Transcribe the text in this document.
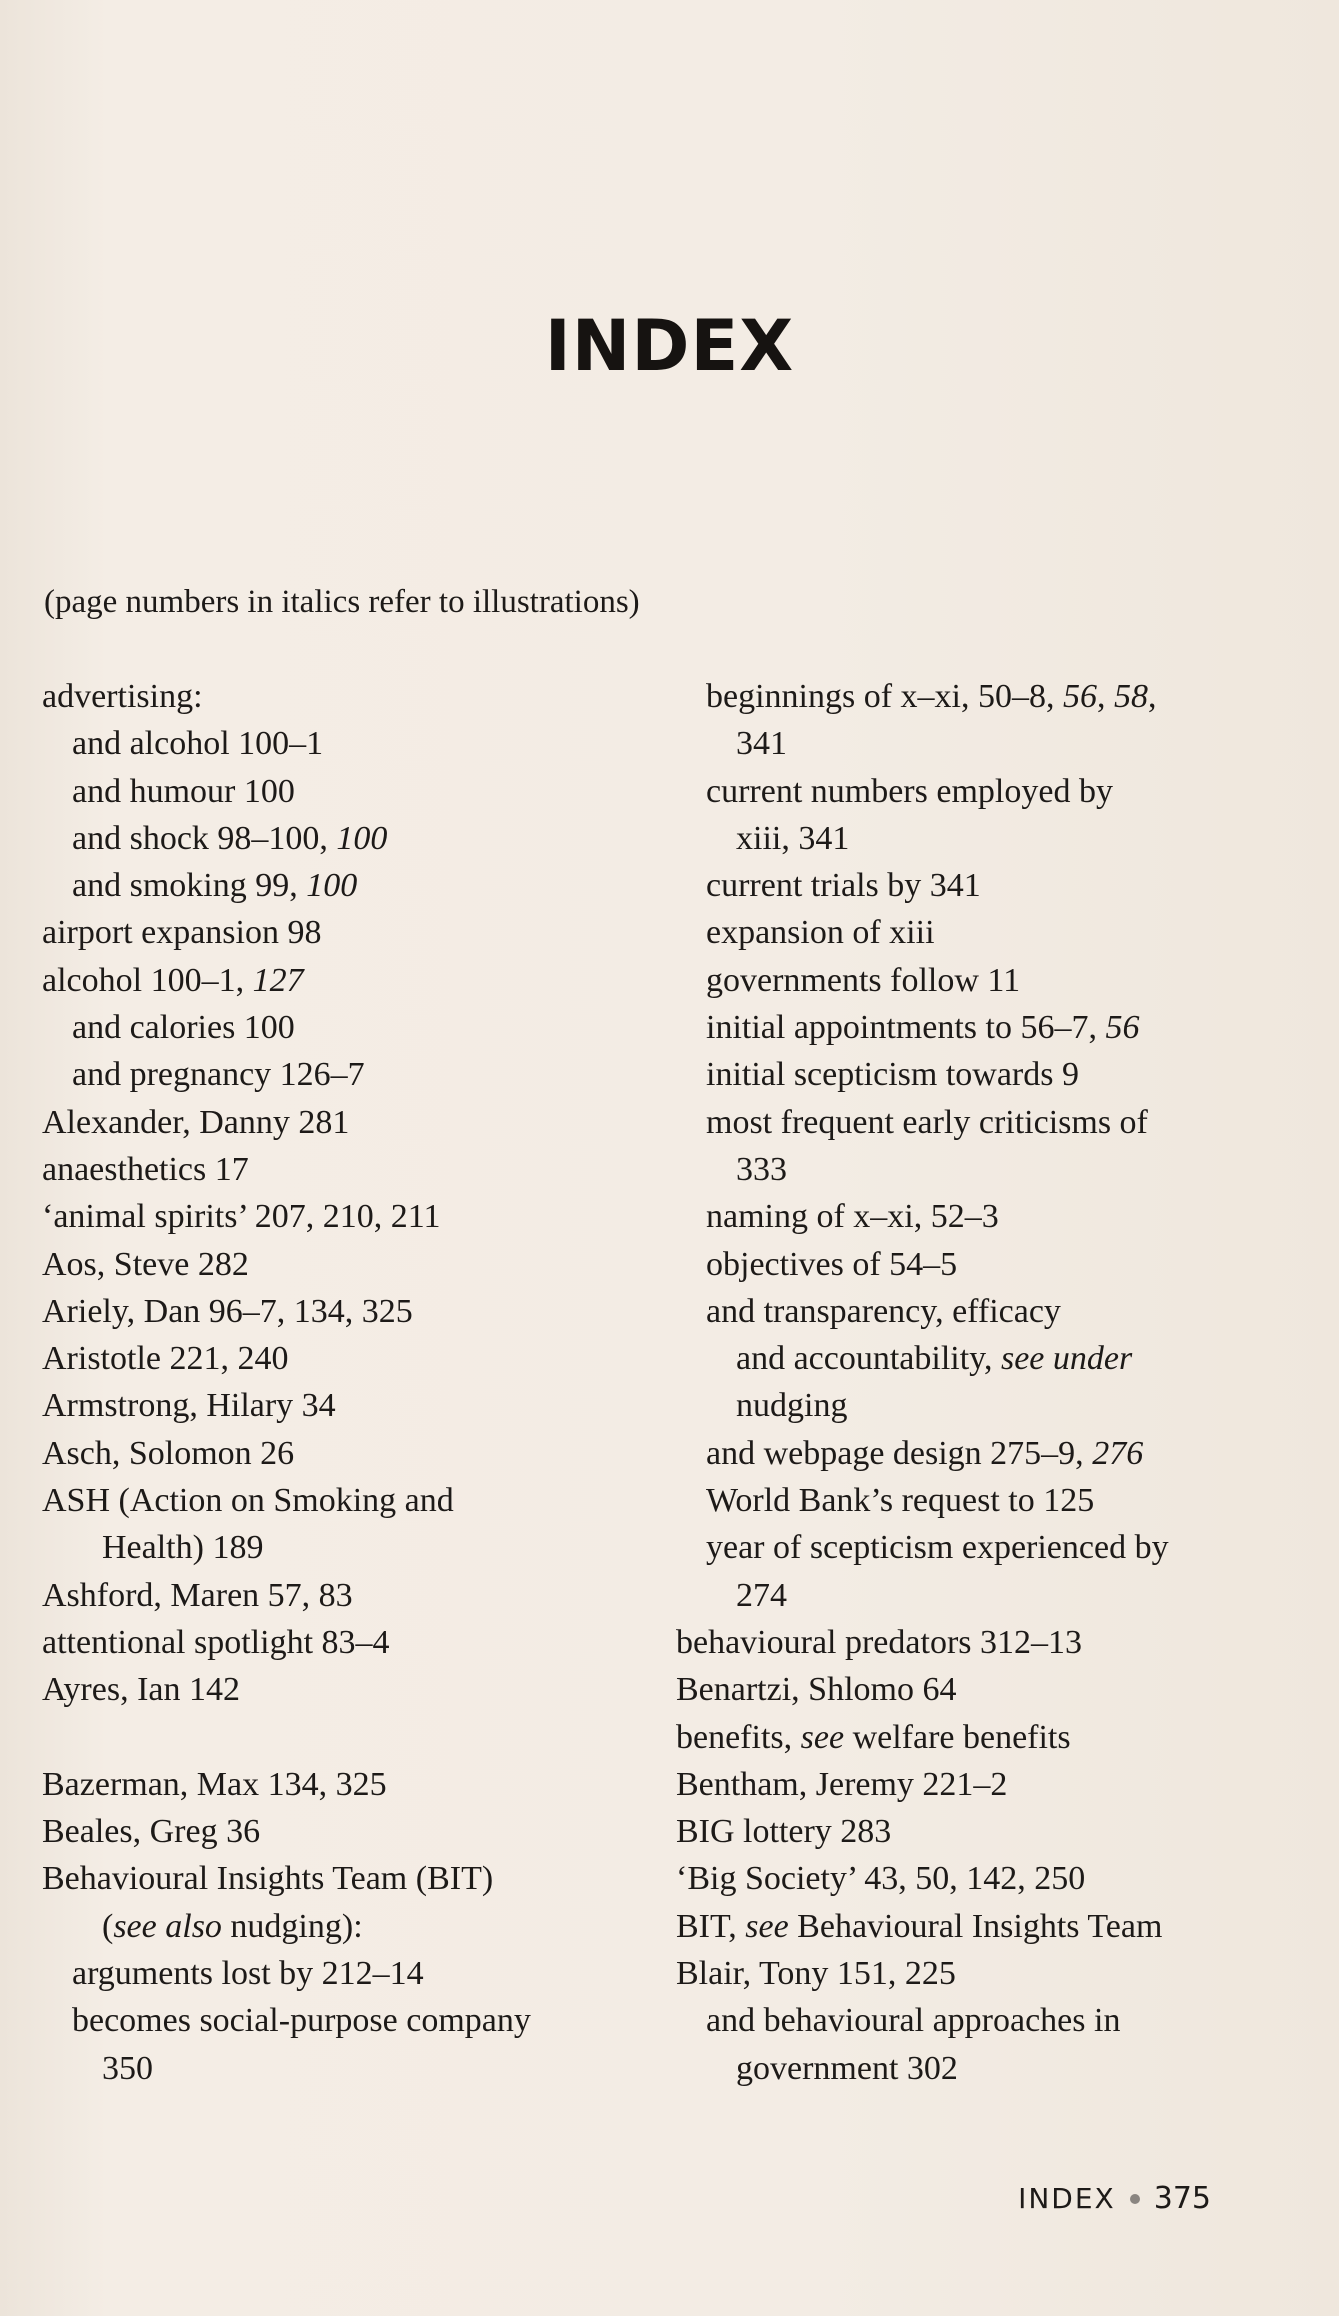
INDEX
(page numbers in italics refer to illustrations)
advertising:
and alcohol 100–1
and humour 100
and shock 98–100, 100
and smoking 99, 100
airport expansion 98
alcohol 100–1, 127
and calories 100
and pregnancy 126–7
Alexander, Danny 281
anaesthetics 17
‘animal spirits’ 207, 210, 211
Aos, Steve 282
Ariely, Dan 96–7, 134, 325
Aristotle 221, 240
Armstrong, Hilary 34
Asch, Solomon 26
ASH (Action on Smoking and
Health) 189
Ashford, Maren 57, 83
attentional spotlight 83–4
Ayres, Ian 142
Bazerman, Max 134, 325
Beales, Greg 36
Behavioural Insights Team (BIT)
(see also nudging):
arguments lost by 212–14
becomes social-purpose company
350
beginnings of x–xi, 50–8, 56, 58,
341
current numbers employed by
xiii, 341
current trials by 341
expansion of xiii
governments follow 11
initial appointments to 56–7, 56
initial scepticism towards 9
most frequent early criticisms of
333
naming of x–xi, 52–3
objectives of 54–5
and transparency, efficacy
and accountability, see under
nudging
and webpage design 275–9, 276
World Bank’s request to 125
year of scepticism experienced by
274
behavioural predators 312–13
Benartzi, Shlomo 64
benefits, see welfare benefits
Bentham, Jeremy 221–2
BIG lottery 283
‘Big Society’ 43, 50, 142, 250
BIT, see Behavioural Insights Team
Blair, Tony 151, 225
and behavioural approaches in
government 302
INDEX 375
